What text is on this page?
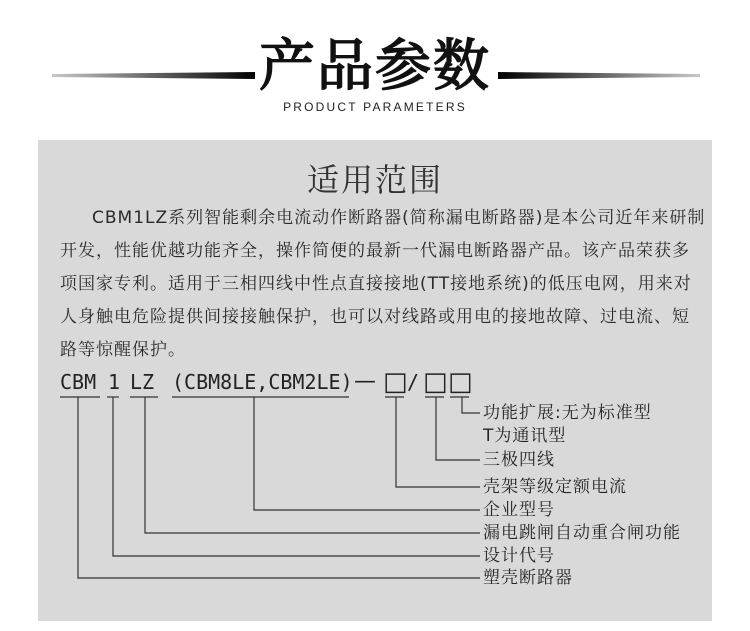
产品参数
PRODUCT PARAMETERS
适用范围
CBM1LZ系列智能剩余电流动作断路器(简称漏电断路器)是本公司近年来研制
开发，性能优越功能齐全，操作简便的最新一代漏电断路器产品。该产品荣获多
项国家专利。适用于三相四线中性点直接接地(TT接地系统)的低压电网，用来对
人身触电危险提供间接接触保护，也可以对线路或用电的接地故障、过电流、短
路等惊醒保护。
CBM 1 LZ (CBM8LE,CBM2LE) — □ / □ □
功能扩展:无为标准型
T为通讯型
三极四线
壳架等级定额电流
企业型号
漏电跳闸自动重合闸功能
设计代号
塑壳断路器
